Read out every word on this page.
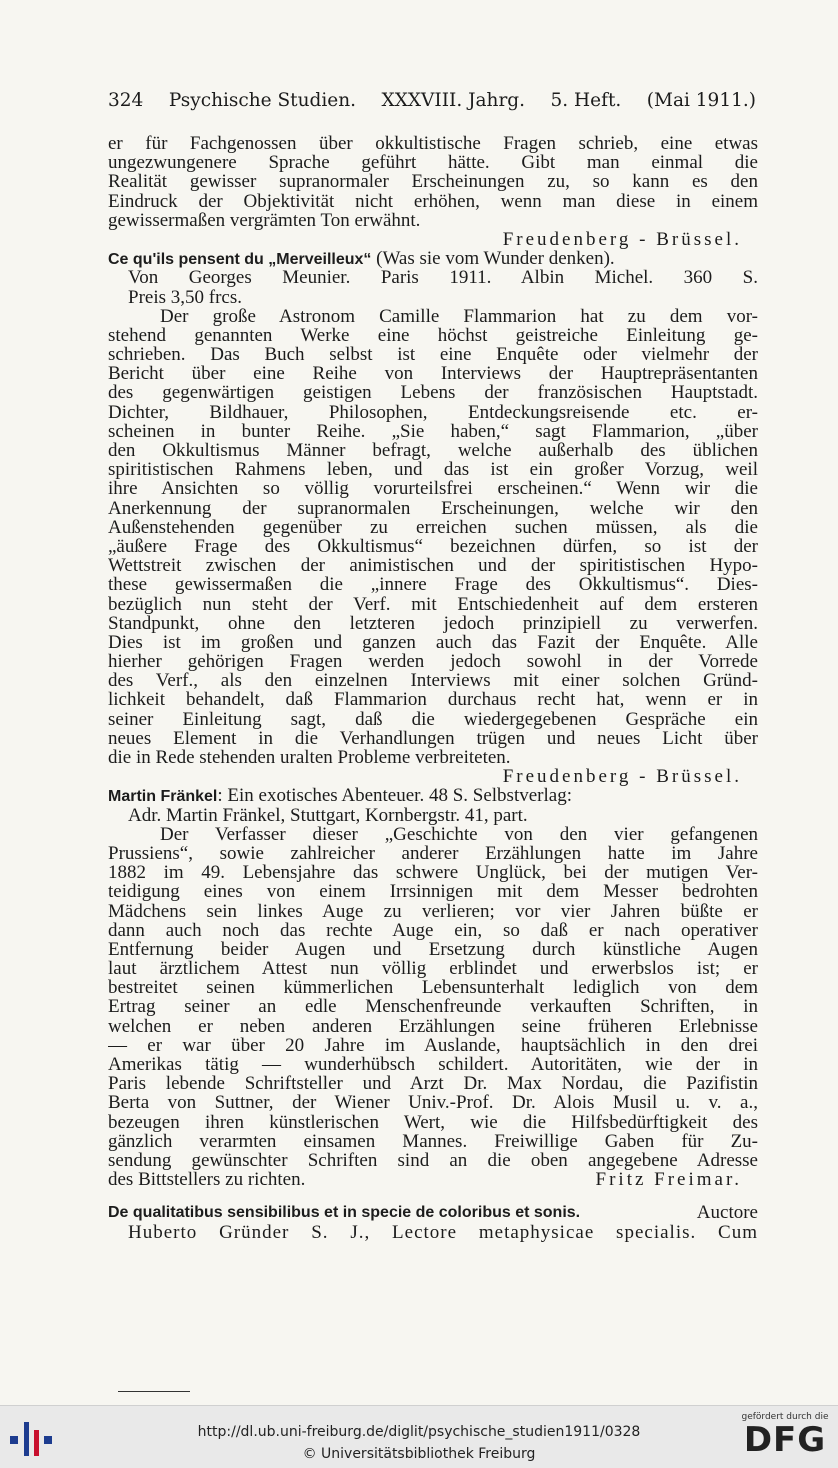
324 Psychische Studien. XXXVIII. Jahrg. 5. Heft. (Mai 1911.)
er für Fachgenossen über okkultistische Fragen schrieb, eine etwas
ungezwungenere Sprache geführt hätte. Gibt man einmal die
Realität gewisser supranormaler Erscheinungen zu, so kann es den
Eindruck der Objektivität nicht erhöhen, wenn man diese in einem
gewissermaßen vergrämten Ton erwähnt.
Freudenberg - Brüssel.
Ce qu'ils pensent du „Merveilleux“ (Was sie vom Wunder denken).
Von Georges Meunier. Paris 1911. Albin Michel. 360 S.
Preis 3,50 frcs.
Der große Astronom Camille Flammarion hat zu dem vor-
stehend genannten Werke eine höchst geistreiche Einleitung ge-
schrieben. Das Buch selbst ist eine Enquête oder vielmehr der
Bericht über eine Reihe von Interviews der Hauptrepräsentanten
des gegenwärtigen geistigen Lebens der französischen Hauptstadt.
Dichter, Bildhauer, Philosophen, Entdeckungsreisende etc. er-
scheinen in bunter Reihe. „Sie haben,“ sagt Flammarion, „über
den Okkultismus Männer befragt, welche außerhalb des üblichen
spiritistischen Rahmens leben, und das ist ein großer Vorzug, weil
ihre Ansichten so völlig vorurteilsfrei erscheinen.“ Wenn wir die
Anerkennung der supranormalen Erscheinungen, welche wir den
Außenstehenden gegenüber zu erreichen suchen müssen, als die
„äußere Frage des Okkultismus“ bezeichnen dürfen, so ist der
Wettstreit zwischen der animistischen und der spiritistischen Hypo-
these gewissermaßen die „innere Frage des Okkultismus“. Dies-
bezüglich nun steht der Verf. mit Entschiedenheit auf dem ersteren
Standpunkt, ohne den letzteren jedoch prinzipiell zu verwerfen.
Dies ist im großen und ganzen auch das Fazit der Enquête. Alle
hierher gehörigen Fragen werden jedoch sowohl in der Vorrede
des Verf., als den einzelnen Interviews mit einer solchen Gründ-
lichkeit behandelt, daß Flammarion durchaus recht hat, wenn er in
seiner Einleitung sagt, daß die wiedergegebenen Gespräche ein
neues Element in die Verhandlungen trügen und neues Licht über
die in Rede stehenden uralten Probleme verbreiteten.
Freudenberg - Brüssel.
Martin Fränkel: Ein exotisches Abenteuer. 48 S. Selbstverlag:
Adr. Martin Fränkel, Stuttgart, Kornbergstr. 41, part.
Der Verfasser dieser „Geschichte von den vier gefangenen
Prussiens“, sowie zahlreicher anderer Erzählungen hatte im Jahre
1882 im 49. Lebensjahre das schwere Unglück, bei der mutigen Ver-
teidigung eines von einem Irrsinnigen mit dem Messer bedrohten
Mädchens sein linkes Auge zu verlieren; vor vier Jahren büßte er
dann auch noch das rechte Auge ein, so daß er nach operativer
Entfernung beider Augen und Ersetzung durch künstliche Augen
laut ärztlichem Attest nun völlig erblindet und erwerbslos ist; er
bestreitet seinen kümmerlichen Lebensunterhalt lediglich von dem
Ertrag seiner an edle Menschenfreunde verkauften Schriften, in
welchen er neben anderen Erzählungen seine früheren Erlebnisse
— er war über 20 Jahre im Auslande, hauptsächlich in den drei
Amerikas tätig — wunderhübsch schildert. Autoritäten, wie der in
Paris lebende Schriftsteller und Arzt Dr. Max Nordau, die Pazifistin
Berta von Suttner, der Wiener Univ.-Prof. Dr. Alois Musil u. v. a.,
bezeugen ihren künstlerischen Wert, wie die Hilfsbedürftigkeit des
gänzlich verarmten einsamen Mannes. Freiwillige Gaben für Zu-
sendung gewünschter Schriften sind an die oben angegebene Adresse
des Bittstellers zu richten.	Fritz Freimar.
De qualitatibus sensibilibus et in specie de coloribus et sonis.	Auctore
Huberto Gründer S. J., Lectore metaphysicae specialis. Cum
http://dl.ub.uni-freiburg.de/diglit/psychische_studien1911/0328
© Universitätsbibliothek Freiburg
gefördert durch die
DFG
